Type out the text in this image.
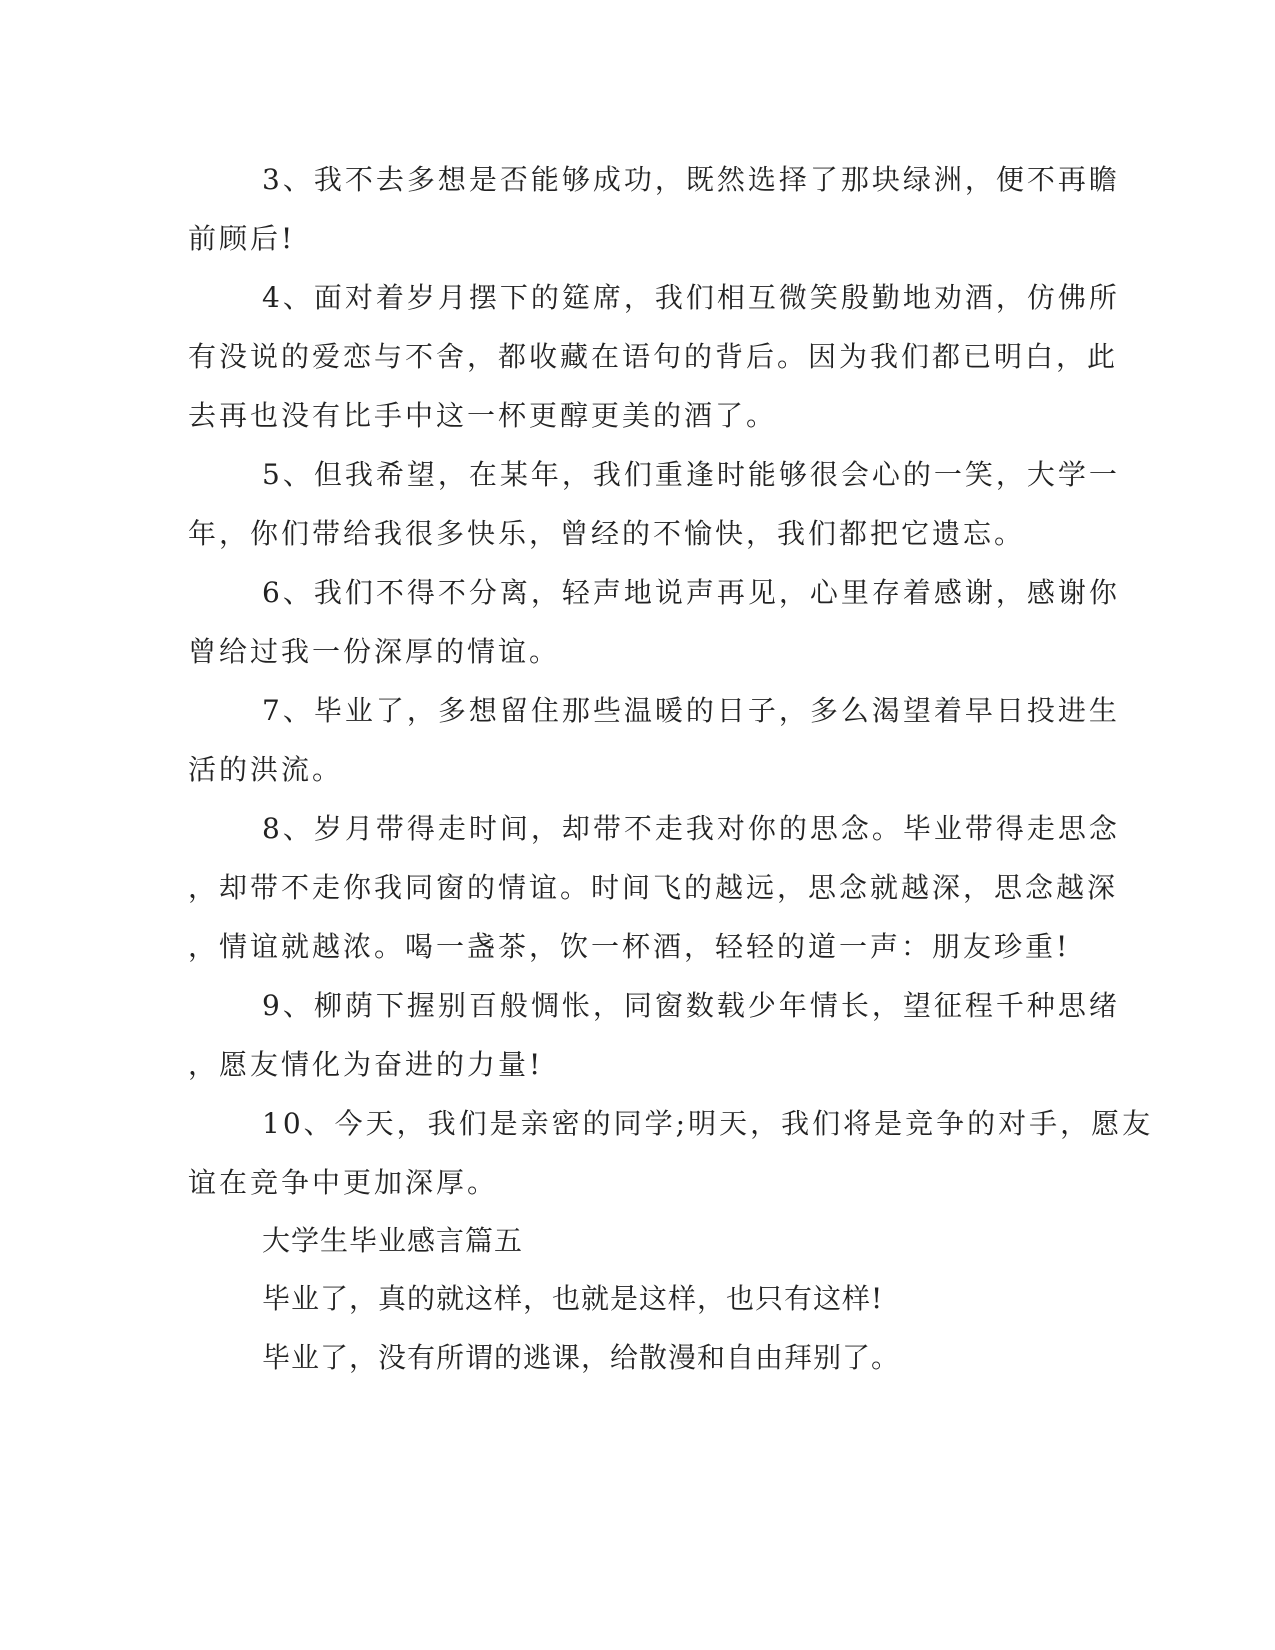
3、我不去多想是否能够成功，既然选择了那块绿洲，便不再瞻
前顾后!
4、面对着岁月摆下的筵席，我们相互微笑殷勤地劝酒，仿佛所
有没说的爱恋与不舍，都收藏在语句的背后。因为我们都已明白，此
去再也没有比手中这一杯更醇更美的酒了。
5、但我希望，在某年，我们重逢时能够很会心的一笑，大学一
年，你们带给我很多快乐，曾经的不愉快，我们都把它遗忘。
6、我们不得不分离，轻声地说声再见，心里存着感谢，感谢你
曾给过我一份深厚的情谊。
7、毕业了，多想留住那些温暖的日子，多么渴望着早日投进生
活的洪流。
8、岁月带得走时间，却带不走我对你的思念。毕业带得走思念
，却带不走你我同窗的情谊。时间飞的越远，思念就越深，思念越深
，情谊就越浓。喝一盏茶，饮一杯酒，轻轻的道一声：朋友珍重!
9、柳荫下握别百般惆怅，同窗数载少年情长，望征程千种思绪
，愿友情化为奋进的力量!
10、今天，我们是亲密的同学;明天，我们将是竞争的对手，愿友
谊在竞争中更加深厚。
大学生毕业感言篇五
毕业了，真的就这样，也就是这样，也只有这样!
毕业了，没有所谓的逃课，给散漫和自由拜别了。
